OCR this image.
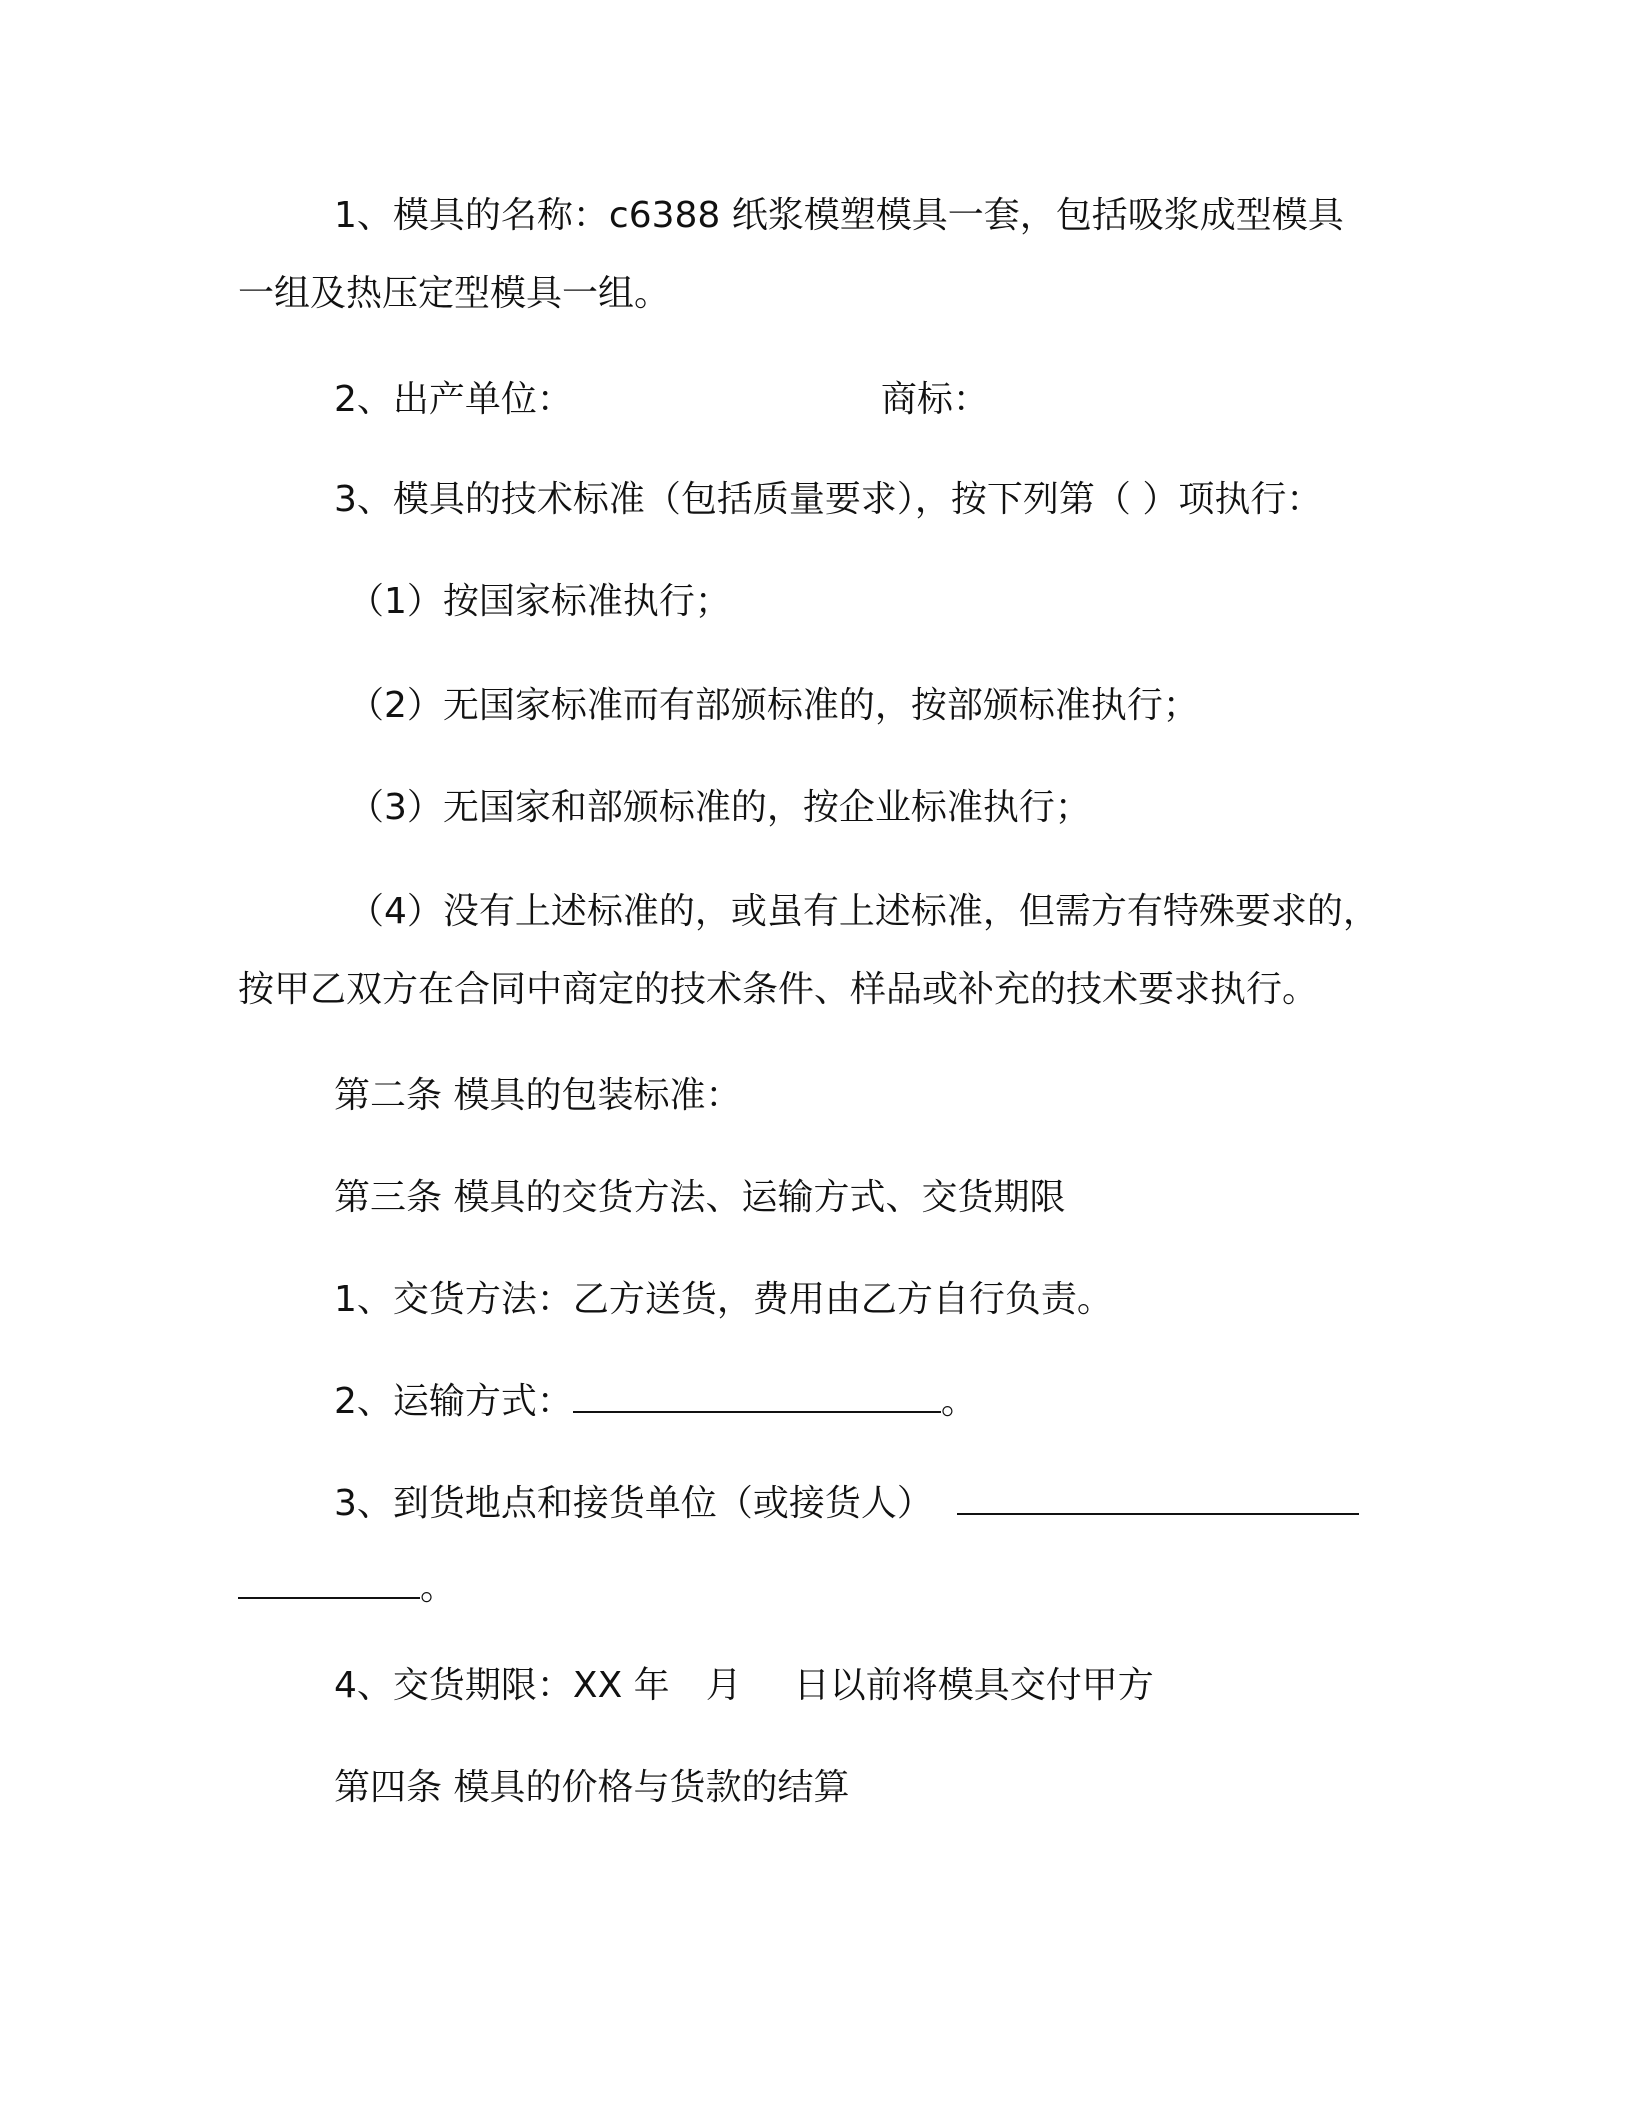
1、模具的名称：c6388 纸浆模塑模具一套，包括吸浆成型模具
一组及热压定型模具一组。
2、出产单位：	商标：
3、模具的技术标准（包括质量要求），按下列第（ ）项执行：
（1）按国家标准执行；
（2）无国家标准而有部颁标准的，按部颁标准执行；
（3）无国家和部颁标准的，按企业标准执行；
（4）没有上述标准的，或虽有上述标准，但需方有特殊要求的，
按甲乙双方在合同中商定的技术条件、样品或补充的技术要求执行。
第二条 模具的包装标准：
第三条 模具的交货方法、运输方式、交货期限
1、交货方法：乙方送货，费用由乙方自行负责。
2、运输方式：	。
3、到货地点和接货单位（或接货人）
。
4、交货期限：XX 年 月 日以前将模具交付甲方
第四条 模具的价格与货款的结算
